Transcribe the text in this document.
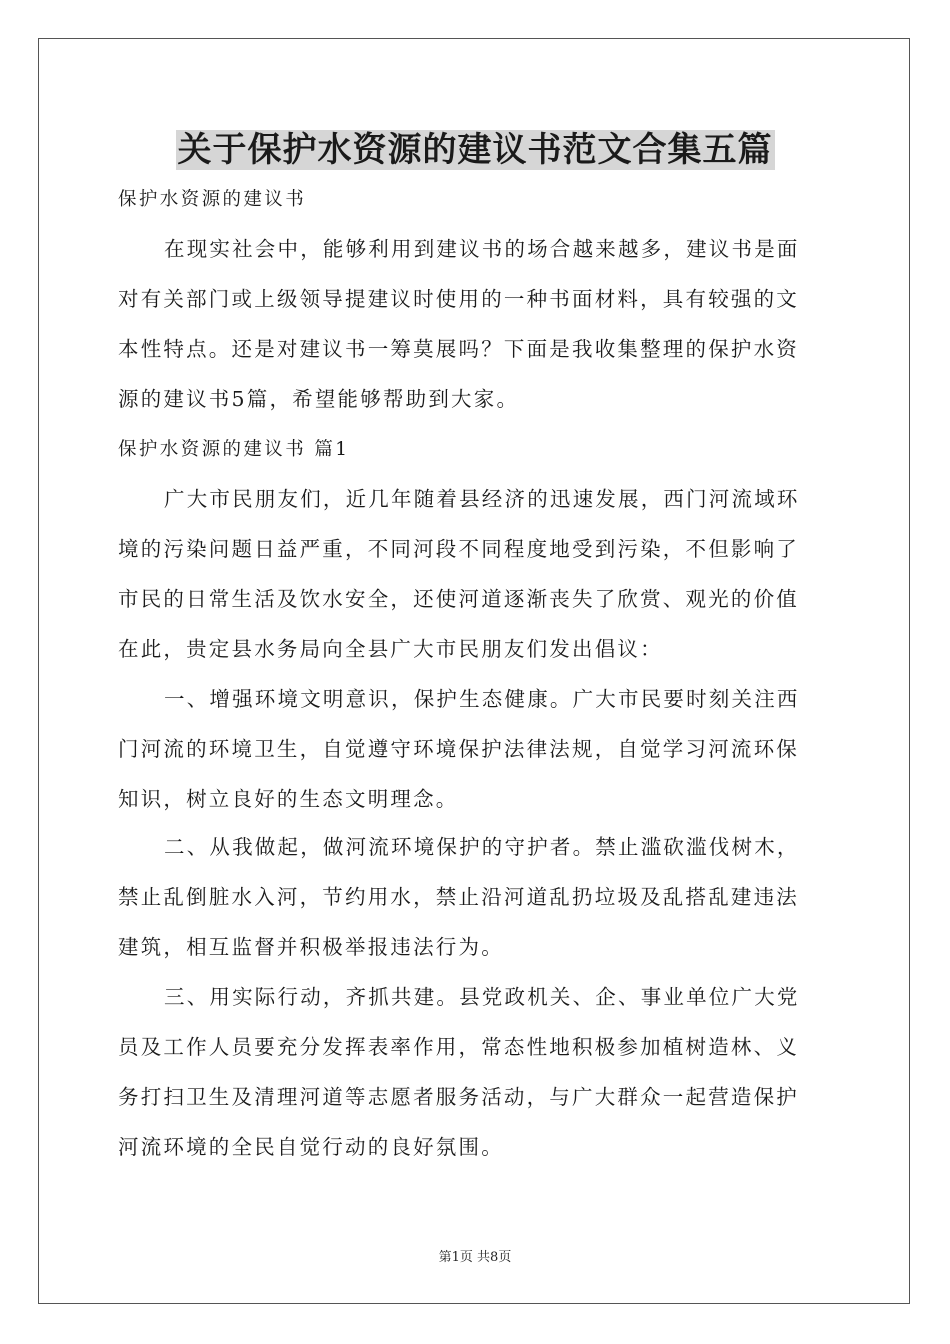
关于保护水资源的建议书范文合集五篇
保护水资源的建议书
在现实社会中，能够利用到建议书的场合越来越多，建议书是面
对有关部门或上级领导提建议时使用的一种书面材料，具有较强的文
本性特点。还是对建议书一筹莫展吗？下面是我收集整理的保护水资
源的建议书5篇，希望能够帮助到大家。
保护水资源的建议书 篇1
广大市民朋友们，近几年随着县经济的迅速发展，西门河流域环
境的污染问题日益严重，不同河段不同程度地受到污染，不但影响了
市民的日常生活及饮水安全，还使河道逐渐丧失了欣赏、观光的价值
在此，贵定县水务局向全县广大市民朋友们发出倡议：
一、增强环境文明意识，保护生态健康。广大市民要时刻关注西
门河流的环境卫生，自觉遵守环境保护法律法规，自觉学习河流环保
知识，树立良好的生态文明理念。
二、从我做起，做河流环境保护的守护者。禁止滥砍滥伐树木，
禁止乱倒脏水入河，节约用水，禁止沿河道乱扔垃圾及乱搭乱建违法
建筑，相互监督并积极举报违法行为。
三、用实际行动，齐抓共建。县党政机关、企、事业单位广大党
员及工作人员要充分发挥表率作用，常态性地积极参加植树造林、义
务打扫卫生及清理河道等志愿者服务活动，与广大群众一起营造保护
河流环境的全民自觉行动的良好氛围。
第1页 共8页
